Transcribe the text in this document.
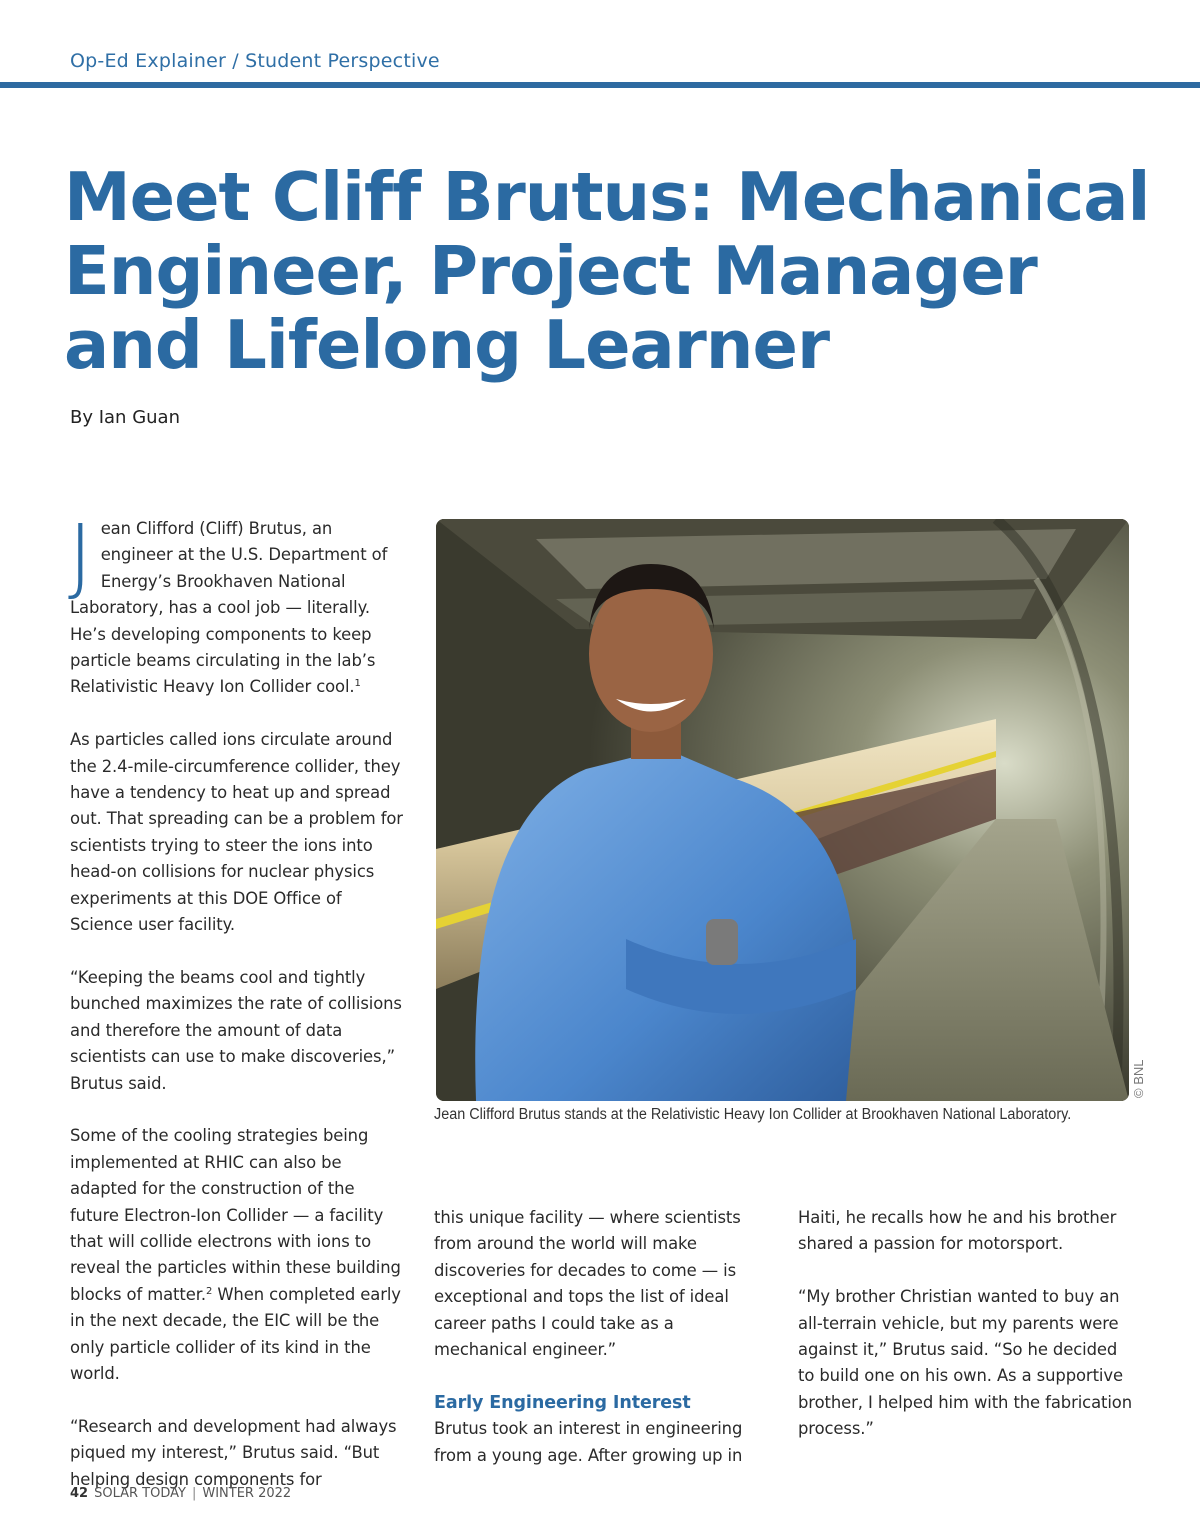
Op-Ed Explainer / Student Perspective
Meet Cliff Brutus: Mechanical Engineer, Project Manager and Lifelong Learner
By Ian Guan

Jean Clifford (Cliff) Brutus, an engineer at the U.S. Department of Energy’s Brookhaven National Laboratory, has a cool job — literally. He’s developing components to keep particle beams circulating in the lab’s Relativistic Heavy Ion Collider cool.$^1$

As particles called ions circulate around the 2.4-mile-circumference collider, they have a tendency to heat up and spread out. That spreading can be a problem for scientists trying to steer the ions into head-on collisions for nuclear physics experiments at this DOE Office of Science user facility.

“Keeping the beams cool and tightly bunched maximizes the rate of collisions and therefore the amount of data scientists can use to make discoveries,” Brutus said.

Some of the cooling strategies being implemented at RHIC can also be adapted for the construction of the future Electron-Ion Collider — a facility that will collide electrons with ions to reveal the particles within these building blocks of matter.$^2$ When completed early in the next decade, the EIC will be the only particle collider of its kind in the world.

“Research and development had always piqued my interest,” Brutus said. “But helping design components for

© BNL
Jean Clifford Brutus stands at the Relativistic Heavy Ion Collider at Brookhaven National Laboratory.

this unique facility — where scientists from around the world will make discoveries for decades to come — is exceptional and tops the list of ideal career paths I could take as a mechanical engineer.”

Early Engineering Interest

Brutus took an interest in engineering from a young age. After growing up in

Haiti, he recalls how he and his brother shared a passion for motorsport.

“My brother Christian wanted to buy an all-terrain vehicle, but my parents were against it,” Brutus said. “So he decided to build one on his own. As a supportive brother, I helped him with the fabrication process.”

42 SOLAR TODAY | WINTER 2022
